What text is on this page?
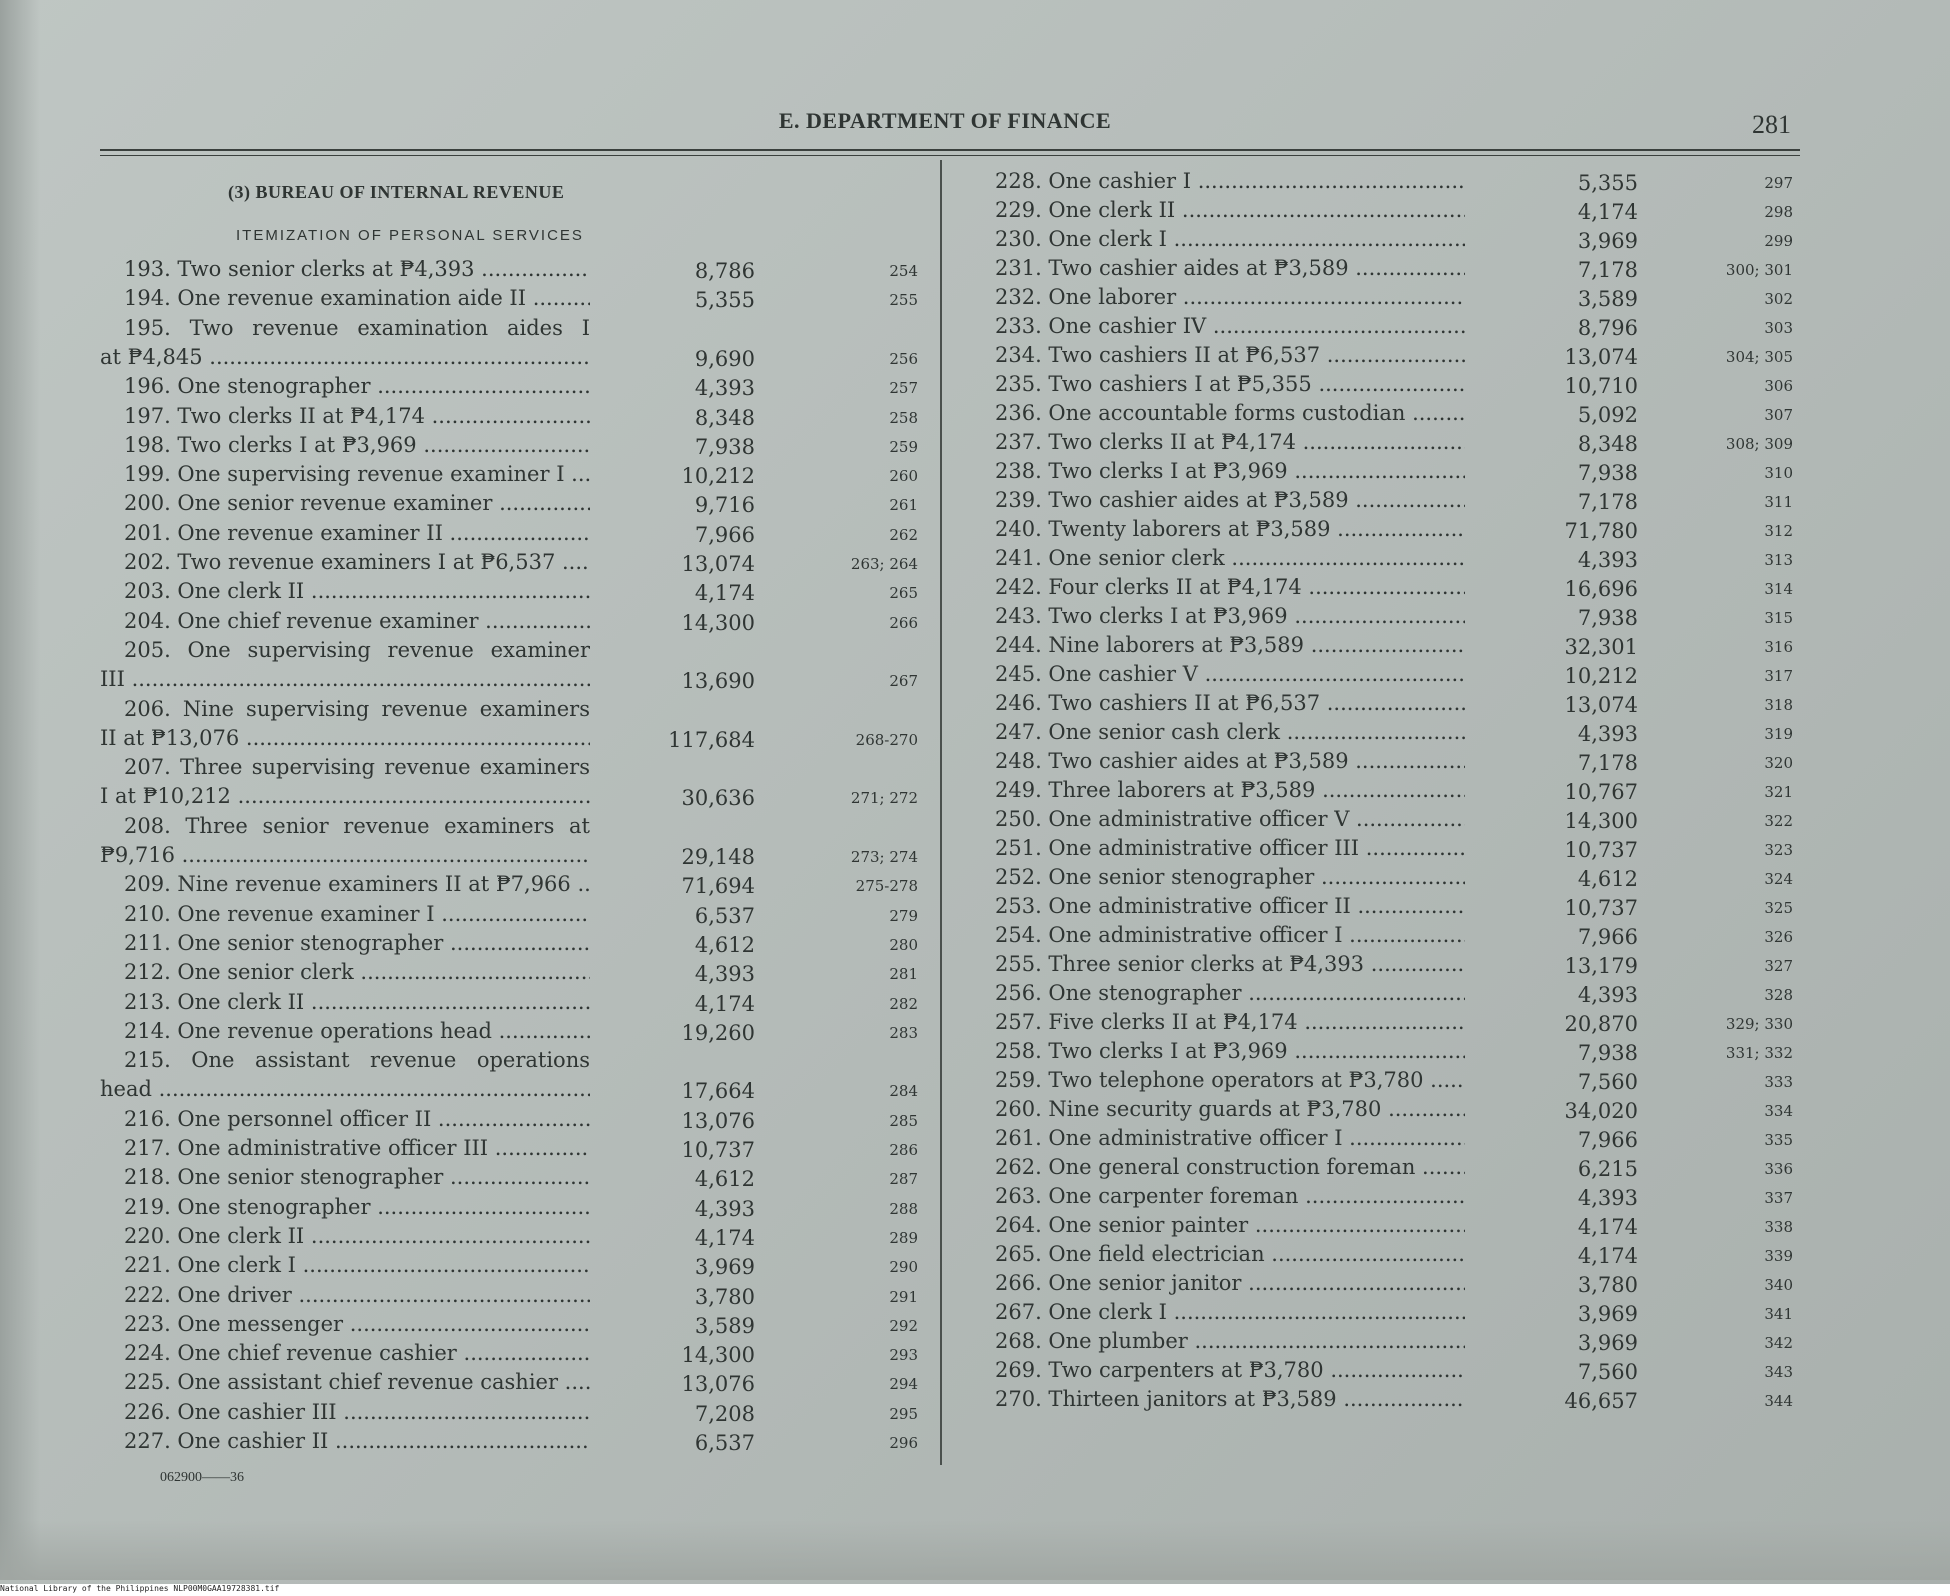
E. DEPARTMENT OF FINANCE	281
(3) BUREAU OF INTERNAL REVENUE
ITEMIZATION OF PERSONAL SERVICES
193. Two senior clerks at ₱4,393 .....	8,786	254
194. One revenue examination aide II .....	5,355	255
195. Two revenue examination aides I
at ₱4,845 .....	9,690	256
196. One stenographer .....	4,393	257
197. Two clerks II at ₱4,174 .....	8,348	258
198. Two clerks I at ₱3,969 .....	7,938	259
199. One supervising revenue examiner I .....	10,212	260
200. One senior revenue examiner .....	9,716	261
201. One revenue examiner II .....	7,966	262
202. Two revenue examiners I at ₱6,537 .....	13,074	263; 264
203. One clerk II .....	4,174	265
204. One chief revenue examiner .....	14,300	266
205. One supervising revenue examiner
III .....	13,690	267
206. Nine supervising revenue examiners
II at ₱13,076 .....	117,684	268-270
207. Three supervising revenue examiners
I at ₱10,212 .....	30,636	271; 272
208. Three senior revenue examiners at
₱9,716 .....	29,148	273; 274
209. Nine revenue examiners II at ₱7,966 .....	71,694	275-278
210. One revenue examiner I .....	6,537	279
211. One senior stenographer .....	4,612	280
212. One senior clerk .....	4,393	281
213. One clerk II .....	4,174	282
214. One revenue operations head .....	19,260	283
215. One assistant revenue operations
head .....	17,664	284
216. One personnel officer II .....	13,076	285
217. One administrative officer III .....	10,737	286
218. One senior stenographer .....	4,612	287
219. One stenographer .....	4,393	288
220. One clerk II .....	4,174	289
221. One clerk I .....	3,969	290
222. One driver .....	3,780	291
223. One messenger .....	3,589	292
224. One chief revenue cashier .....	14,300	293
225. One assistant chief revenue cashier .....	13,076	294
226. One cashier III .....	7,208	295
227. One cashier II .....	6,537	296
228. One cashier I .....	5,355	297
229. One clerk II .....	4,174	298
230. One clerk I .....	3,969	299
231. Two cashier aides at ₱3,589 .....	7,178	300; 301
232. One laborer .....	3,589	302
233. One cashier IV .....	8,796	303
234. Two cashiers II at ₱6,537 .....	13,074	304; 305
235. Two cashiers I at ₱5,355 .....	10,710	306
236. One accountable forms custodian .....	5,092	307
237. Two clerks II at ₱4,174 .....	8,348	308; 309
238. Two clerks I at ₱3,969 .....	7,938	310
239. Two cashier aides at ₱3,589 .....	7,178	311
240. Twenty laborers at ₱3,589 .....	71,780	312
241. One senior clerk .....	4,393	313
242. Four clerks II at ₱4,174 .....	16,696	314
243. Two clerks I at ₱3,969 .....	7,938	315
244. Nine laborers at ₱3,589 .....	32,301	316
245. One cashier V .....	10,212	317
246. Two cashiers II at ₱6,537 .....	13,074	318
247. One senior cash clerk .....	4,393	319
248. Two cashier aides at ₱3,589 .....	7,178	320
249. Three laborers at ₱3,589 .....	10,767	321
250. One administrative officer V .....	14,300	322
251. One administrative officer III .....	10,737	323
252. One senior stenographer .....	4,612	324
253. One administrative officer II .....	10,737	325
254. One administrative officer I .....	7,966	326
255. Three senior clerks at ₱4,393 .....	13,179	327
256. One stenographer .....	4,393	328
257. Five clerks II at ₱4,174 .....	20,870	329; 330
258. Two clerks I at ₱3,969 .....	7,938	331; 332
259. Two telephone operators at ₱3,780 .....	7,560	333
260. Nine security guards at ₱3,780 .....	34,020	334
261. One administrative officer I .....	7,966	335
262. One general construction foreman .....	6,215	336
263. One carpenter foreman .....	4,393	337
264. One senior painter .....	4,174	338
265. One field electrician .....	4,174	339
266. One senior janitor .....	3,780	340
267. One clerk I .....	3,969	341
268. One plumber .....	3,969	342
269. Two carpenters at ₱3,780 .....	7,560	343
270. Thirteen janitors at ₱3,589 .....	46,657	344
062900——36
National Library of the Philippines NLP00M0GAA19728381.tif
